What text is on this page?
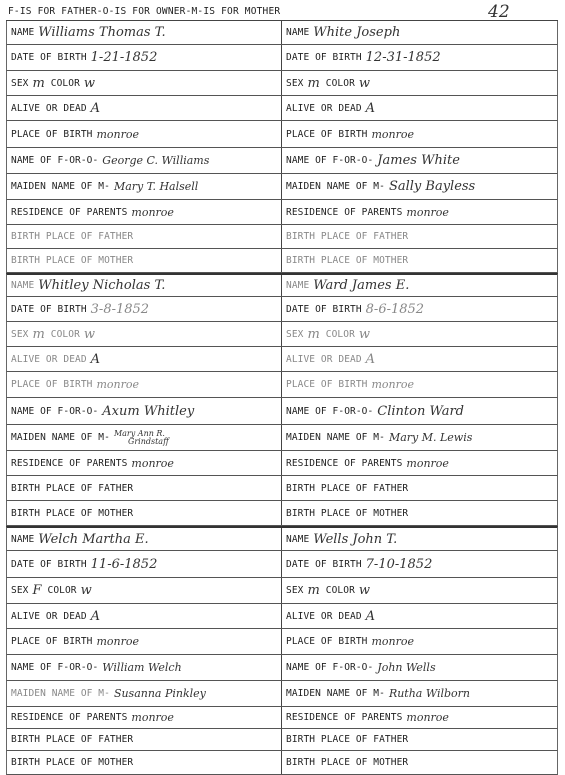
F-IS FOR FATHER-O-IS FOR OWNER-M-IS FOR MOTHER	42
NAME Williams Thomas T.	NAME White Joseph
DATE OF BIRTH 1-21-1852	DATE OF BIRTH 12-31-1852
SEX m COLOR w	SEX m COLOR w
ALIVE OR DEAD A	ALIVE OR DEAD A
PLACE OF BIRTH monroe	PLACE OF BIRTH monroe
NAME OF F-OR-O- George C. Williams	NAME OF F-OR-O- James White
MAIDEN NAME OF M- Mary T. Halsell	MAIDEN NAME OF M- Sally Bayless
RESIDENCE OF PARENTS monroe	RESIDENCE OF PARENTS monroe
BIRTH PLACE OF FATHER	BIRTH PLACE OF FATHER
BIRTH PLACE OF MOTHER	BIRTH PLACE OF MOTHER
NAME Whitley Nicholas T.	NAME Ward James E.
DATE OF BIRTH 3-8-1852	DATE OF BIRTH 8-6-1852
SEX m COLOR w	SEX m COLOR w
ALIVE OR DEAD A	ALIVE OR DEAD A
PLACE OF BIRTH monroe	PLACE OF BIRTH monroe
NAME OF F-OR-O- Axum Whitley	NAME OF F-OR-O- Clinton Ward
MAIDEN NAME OF M- Mary Ann R.
Grindstaff	MAIDEN NAME OF M- Mary M. Lewis
RESIDENCE OF PARENTS monroe	RESIDENCE OF PARENTS monroe
BIRTH PLACE OF FATHER	BIRTH PLACE OF FATHER
BIRTH PLACE OF MOTHER	BIRTH PLACE OF MOTHER
NAME Welch Martha E.	NAME Wells John T.
DATE OF BIRTH 11-6-1852	DATE OF BIRTH 7-10-1852
SEX F COLOR w	SEX m COLOR w
ALIVE OR DEAD A	ALIVE OR DEAD A
PLACE OF BIRTH monroe	PLACE OF BIRTH monroe
NAME OF F-OR-O- William Welch	NAME OF F-OR-O- John Wells
MAIDEN NAME OF M- Susanna Pinkley	MAIDEN NAME OF M- Rutha Wilborn
RESIDENCE OF PARENTS monroe	RESIDENCE OF PARENTS monroe
BIRTH PLACE OF FATHER	BIRTH PLACE OF FATHER
BIRTH PLACE OF MOTHER	BIRTH PLACE OF MOTHER
